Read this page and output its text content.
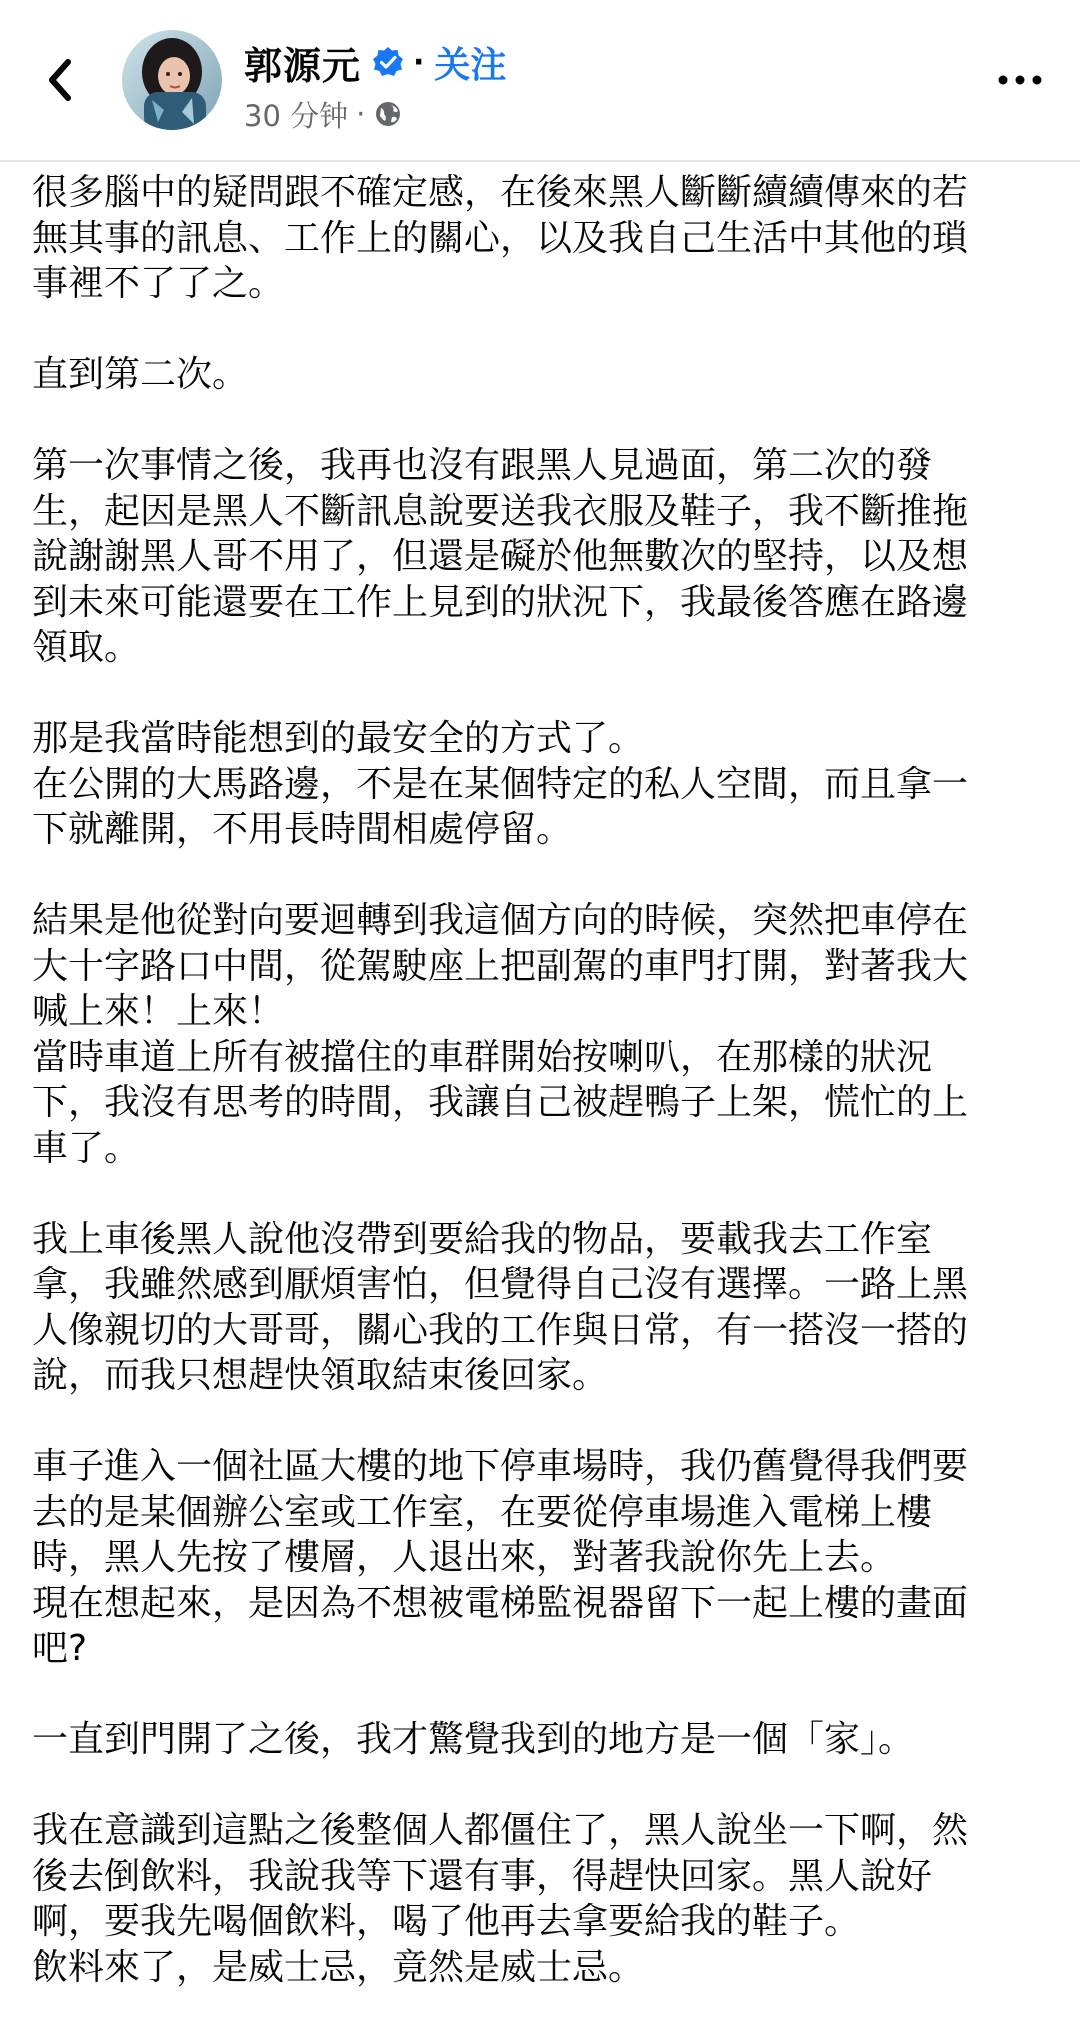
郭源元 · 关注
30 分钟 ·
很多腦中的疑問跟不確定感，在後來黑人斷斷續續傳來的若
無其事的訊息、工作上的關心，以及我自己生活中其他的瑣
事裡不了了之。
直到第二次。
第一次事情之後，我再也沒有跟黑人見過面，第二次的發
生，起因是黑人不斷訊息說要送我衣服及鞋子，我不斷推拖
說謝謝黑人哥不用了，但還是礙於他無數次的堅持，以及想
到未來可能還要在工作上見到的狀況下，我最後答應在路邊
領取。
那是我當時能想到的最安全的方式了。
在公開的大馬路邊，不是在某個特定的私人空間，而且拿一
下就離開，不用長時間相處停留。
結果是他從對向要迴轉到我這個方向的時候，突然把車停在
大十字路口中間，從駕駛座上把副駕的車門打開，對著我大
喊上來！上來！
當時車道上所有被擋住的車群開始按喇叭，在那樣的狀況
下，我沒有思考的時間，我讓自己被趕鴨子上架，慌忙的上
車了。
我上車後黑人說他沒帶到要給我的物品，要載我去工作室
拿，我雖然感到厭煩害怕，但覺得自己沒有選擇。一路上黑
人像親切的大哥哥，關心我的工作與日常，有一搭沒一搭的
說，而我只想趕快領取結束後回家。
車子進入一個社區大樓的地下停車場時，我仍舊覺得我們要
去的是某個辦公室或工作室，在要從停車場進入電梯上樓
時，黑人先按了樓層，人退出來，對著我說你先上去。
現在想起來，是因為不想被電梯監視器留下一起上樓的畫面
吧?
一直到門開了之後，我才驚覺我到的地方是一個「家」。
我在意識到這點之後整個人都僵住了，黑人說坐一下啊，然
後去倒飲料，我說我等下還有事，得趕快回家。黑人說好
啊，要我先喝個飲料，喝了他再去拿要給我的鞋子。
飲料來了，是威士忌，竟然是威士忌。
